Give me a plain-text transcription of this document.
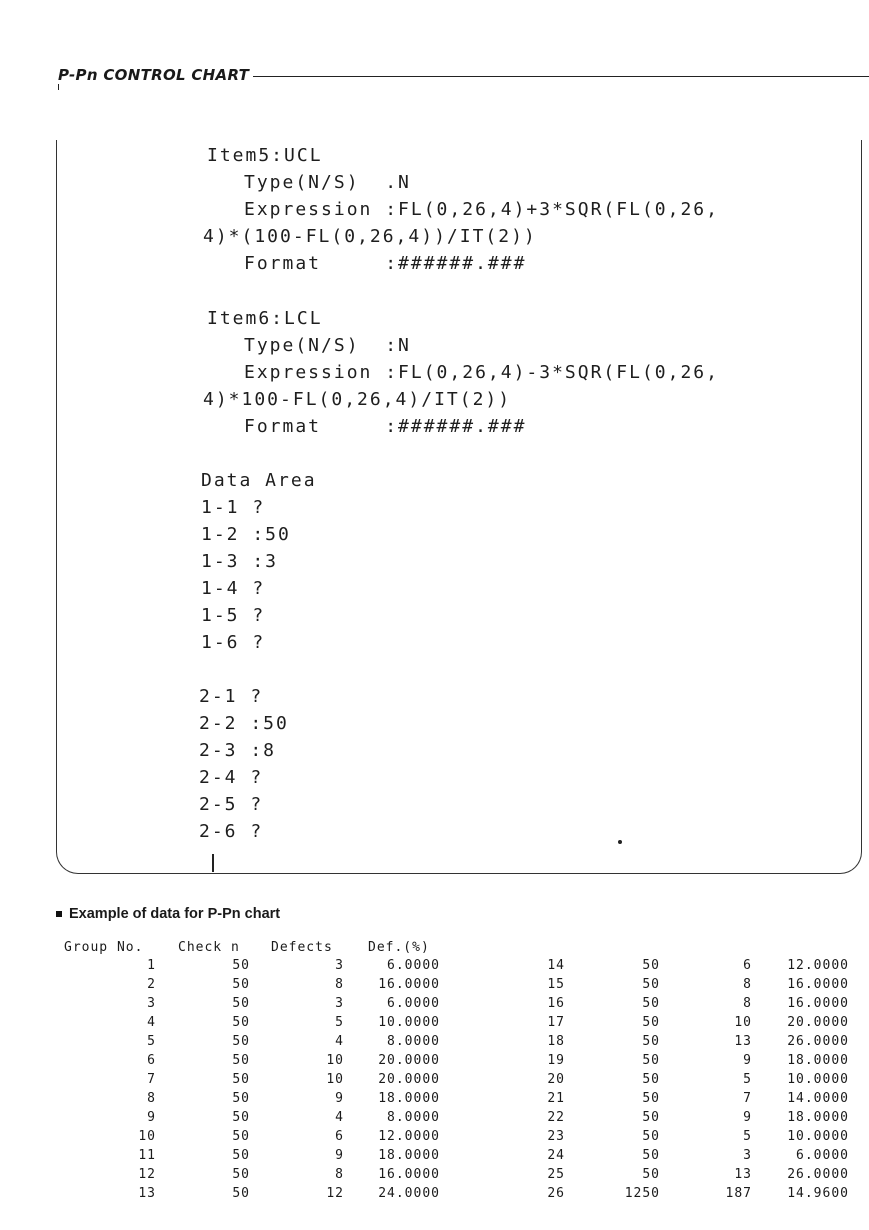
P-Pn CONTROL CHART
Item5:UCL
Type(N/S)  .N
Expression :FL(0,26,4)+3*SQR(FL(0,26,
4)*(100-FL(0,26,4))/IT(2))
Format     :######.###
Item6:LCL
Type(N/S)  :N
Expression :FL(0,26,4)-3*SQR(FL(0,26,
4)*100-FL(0,26,4)/IT(2))
Format     :######.###
Data Area
1-1 ?
1-2 :50
1-3 :3
1-4 ?
1-5 ?
1-6 ?
2-1 ?
2-2 :50
2-3 :8
2-4 ?
2-5 ?
2-6 ?
Example of data for P-Pn chart
Group No.	Check n Defects	Def.(%)
1	50	3	6.0000
2	50	8	16.0000
3	50	3	6.0000
4	50	5	10.0000
5	50	4	8.0000
6	50	10	20.0000
7	50	10	20.0000
8	50	9	18.0000
9	50	4	8.0000
10	50	6	12.0000
11	50	9	18.0000
12	50	8	16.0000
13	50	12	24.0000
14	50	6	12.0000
15	50	8	16.0000
16	50	8	16.0000
17	50	10	20.0000
18	50	13	26.0000
19	50	9	18.0000
20	50	5	10.0000
21	50	7	14.0000
22	50	9	18.0000
23	50	5	10.0000
24	50	3	6.0000
25	50	13	26.0000
26	1250	187	14.9600
